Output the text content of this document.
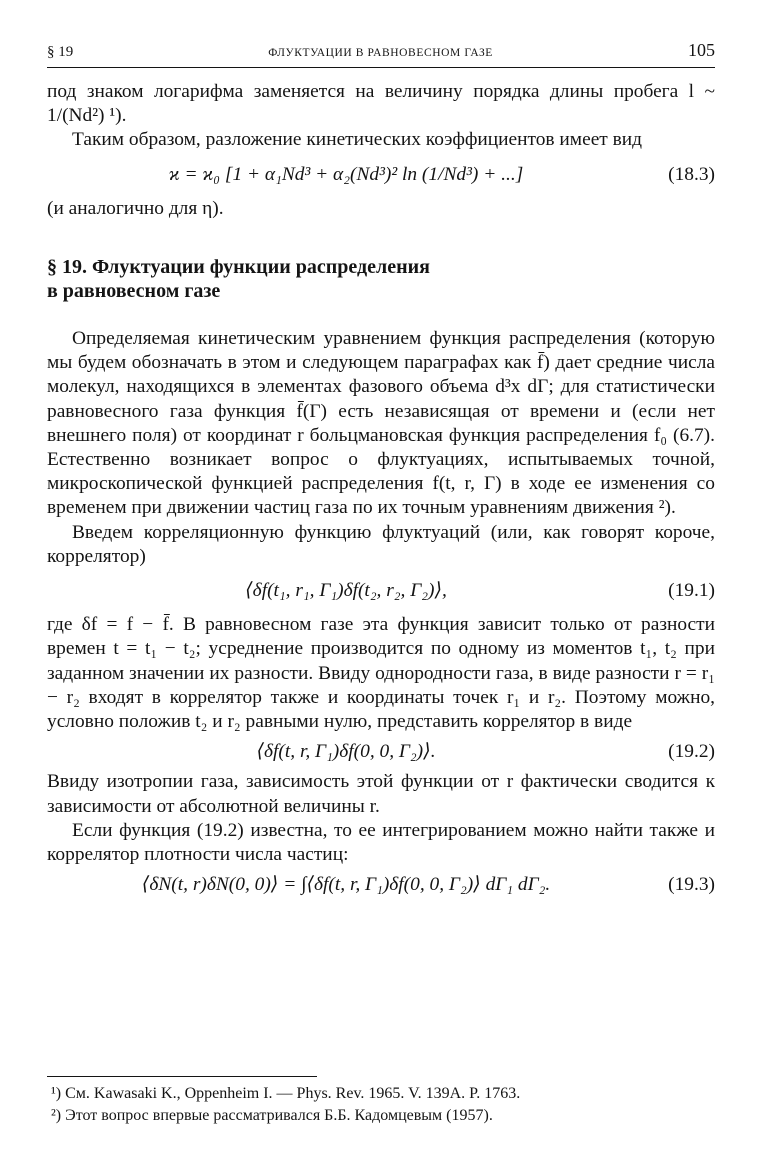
§ 19	ФЛУКТУАЦИИ В РАВНОВЕСНОМ ГАЗЕ	105

под знаком логарифма заменяется на величину порядка длины пробега l ~ 1/(Nd²) ¹).

Таким образом, разложение кинетических коэффициентов имеет вид

ϰ = ϰ₀ [1 + α₁Nd³ + α₂(Nd³)² ln (1/Nd³) + ...]	(18.3)

(и аналогично для η).

§ 19. Флуктуации функции распределения
в равновесном газе

Определяемая кинетическим уравнением функция распределения (которую мы будем обозначать в этом и следующем параграфах как f̄) дает средние числа молекул, находящихся в элементах фазового объема d³x dΓ; для статистически равновесного газа функция f̄(Γ) есть независящая от времени и (если нет внешнего поля) от координат r больцмановская функция распределения f₀ (6.7). Естественно возникает вопрос о флуктуациях, испытываемых точной, микроскопической функцией распределения f(t, r, Γ) в ходе ее изменения со временем при движении частиц газа по их точным уравнениям движения ²).

Введем корреляционную функцию флуктуаций (или, как говорят короче, коррелятор)

⟨δf(t₁, r₁, Γ₁)δf(t₂, r₂, Γ₂)⟩,	(19.1)

где δf = f − f̄. В равновесном газе эта функция зависит только от разности времен t = t₁ − t₂; усреднение производится по одному из моментов t₁, t₂ при заданном значении их разности. Ввиду однородности газа, в виде разности r = r₁ − r₂ входят в коррелятор также и координаты точек r₁ и r₂. Поэтому можно, условно положив t₂ и r₂ равными нулю, представить коррелятор в виде

⟨δf(t, r, Γ₁)δf(0, 0, Γ₂)⟩.	(19.2)

Ввиду изотропии газа, зависимость этой функции от r фактически сводится к зависимости от абсолютной величины r.

Если функция (19.2) известна, то ее интегрированием можно найти также и коррелятор плотности числа частиц:

⟨δN(t, r)δN(0, 0)⟩ = ∫⟨δf(t, r, Γ₁)δf(0, 0, Γ₂)⟩ dΓ₁ dΓ₂.	(19.3)
¹) См. Kawasaki K., Oppenheim I. — Phys. Rev. 1965. V. 139A. P. 1763.
²) Этот вопрос впервые рассматривался Б.Б. Кадомцевым (1957).
